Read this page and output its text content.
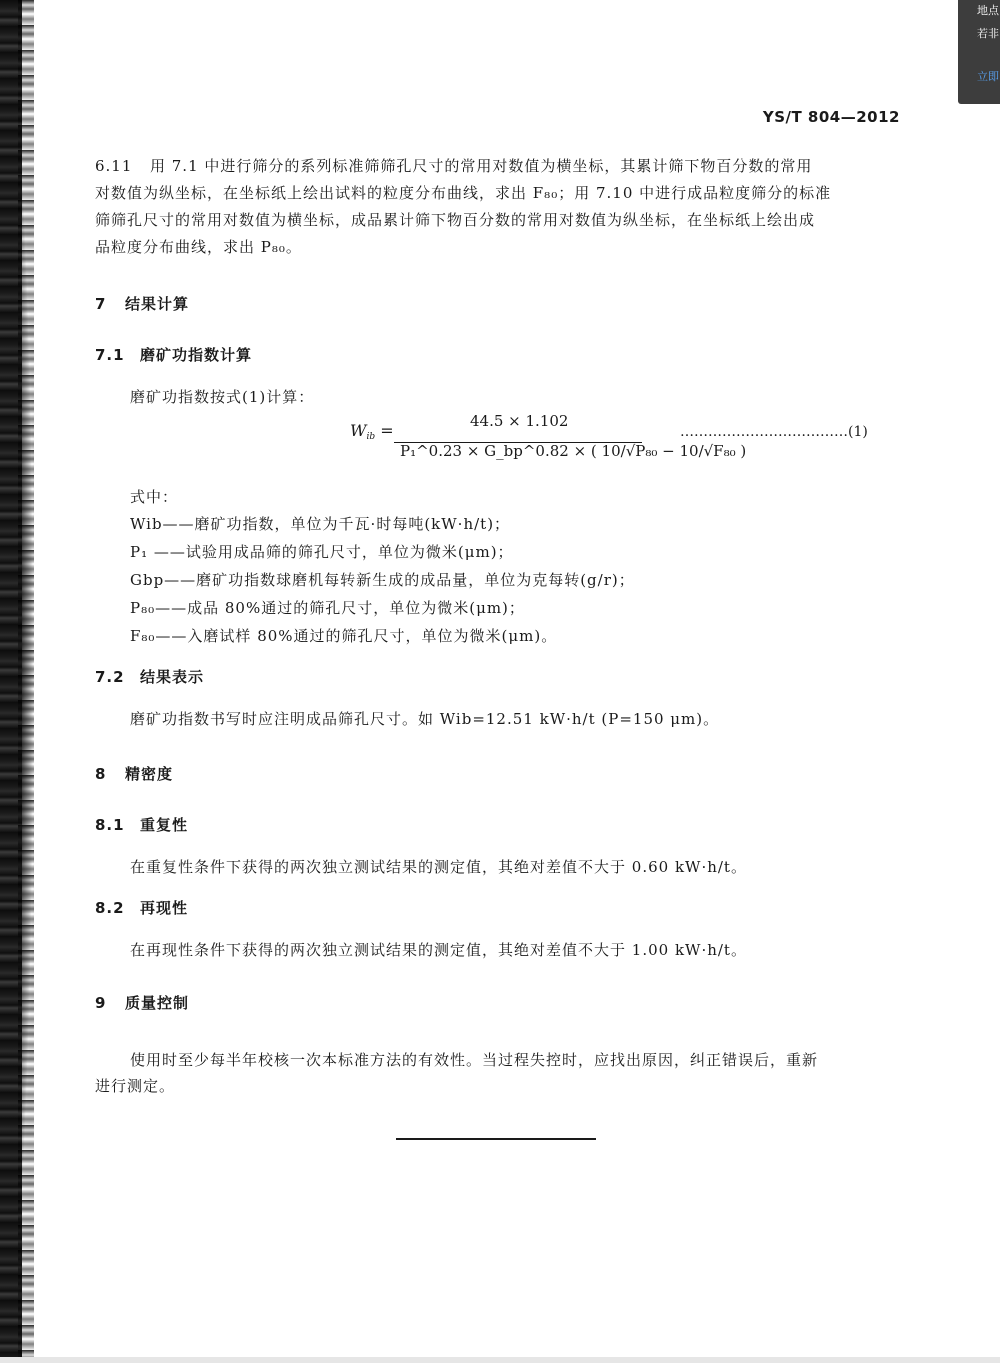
地点
若非
立即
YS/T 804—2012
6.11 用 7.1 中进行筛分的系列标准筛筛孔尺寸的常用对数值为横坐标，其累计筛下物百分数的常用
对数值为纵坐标，在坐标纸上绘出试料的粒度分布曲线，求出 F₈₀；用 7.10 中进行成品粒度筛分的标准
筛筛孔尺寸的常用对数值为横坐标，成品累计筛下物百分数的常用对数值为纵坐标，在坐标纸上绘出成
品粒度分布曲线，求出 P₈₀。
7 结果计算
7.1 磨矿功指数计算
磨矿功指数按式(1)计算：
$W_{ib}$ =	44.5 × 1.102
P₁^0.23 × G_bp^0.82 × ( 10/√P₈₀ − 10/√F₈₀ )
………………………………(1)
式中：
Wib——磨矿功指数，单位为千瓦·时每吨(kW·h/t)；
P₁ ——试验用成品筛的筛孔尺寸，单位为微米(μm)；
Gbp——磨矿功指数球磨机每转新生成的成品量，单位为克每转(g/r)；
P₈₀——成品 80%通过的筛孔尺寸，单位为微米(μm)；
F₈₀——入磨试样 80%通过的筛孔尺寸，单位为微米(μm)。
7.2 结果表示
磨矿功指数书写时应注明成品筛孔尺寸。如 Wib=12.51 kW·h/t (P=150 μm)。
8 精密度
8.1 重复性
在重复性条件下获得的两次独立测试结果的测定值，其绝对差值不大于 0.60 kW·h/t。
8.2 再现性
在再现性条件下获得的两次独立测试结果的测定值，其绝对差值不大于 1.00 kW·h/t。
9 质量控制
使用时至少每半年校核一次本标准方法的有效性。当过程失控时，应找出原因，纠正错误后，重新
进行测定。
